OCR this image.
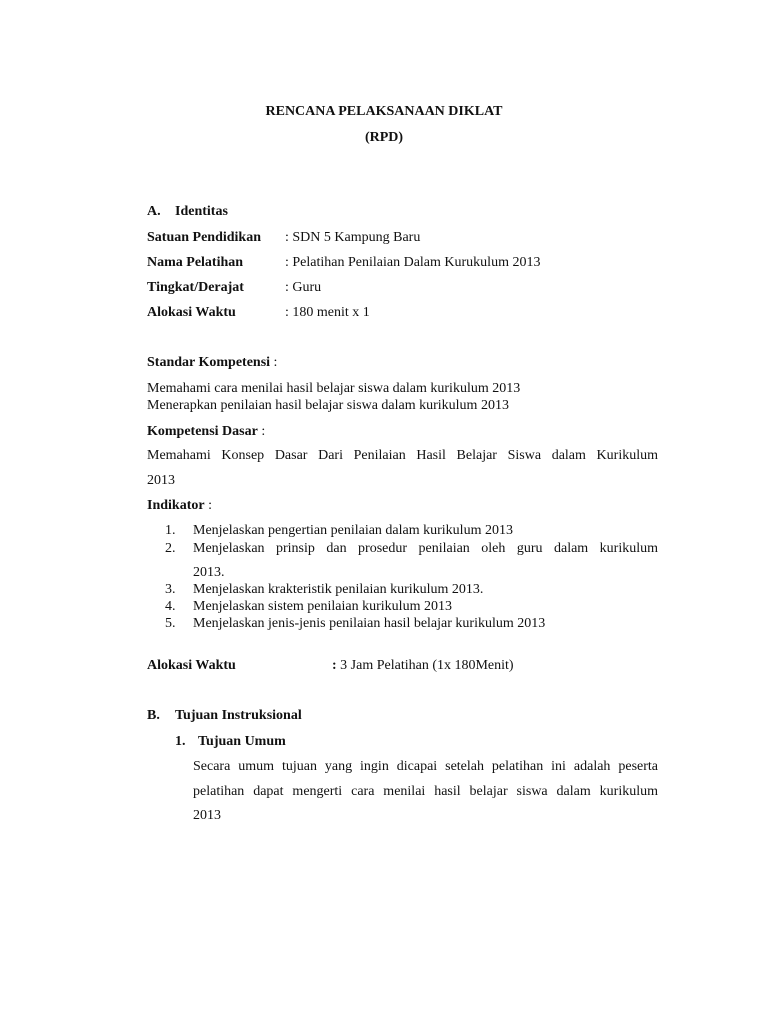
RENCANA PELAKSANAAN DIKLAT
(RPD)
A. Identitas
Satuan Pendidikan : SDN 5 Kampung Baru
Nama Pelatihan	: Pelatihan Penilaian Dalam Kurukulum 2013
Tingkat/Derajat	: Guru
Alokasi Waktu	: 180 menit x 1
Standar Kompetensi :
Memahami cara menilai hasil belajar siswa dalam kurikulum 2013
Menerapkan penilaian hasil belajar siswa dalam kurikulum 2013
Kompetensi Dasar :
Memahami Konsep Dasar Dari Penilaian Hasil Belajar Siswa dalam Kurikulum
2013
Indikator :
1. Menjelaskan pengertian penilaian dalam kurikulum 2013
2. Menjelaskan prinsip dan prosedur penilaian oleh guru dalam kurikulum
2013.
3. Menjelaskan krakteristik penilaian kurikulum 2013.
4. Menjelaskan sistem penilaian kurikulum 2013
5. Menjelaskan jenis-jenis penilaian hasil belajar kurikulum 2013
Alokasi Waktu	: 3 Jam Pelatihan (1x 180Menit)
B. Tujuan Instruksional
1. Tujuan Umum
Secara umum tujuan yang ingin dicapai setelah pelatihan ini adalah peserta
pelatihan dapat mengerti cara menilai hasil belajar siswa dalam kurikulum
2013
